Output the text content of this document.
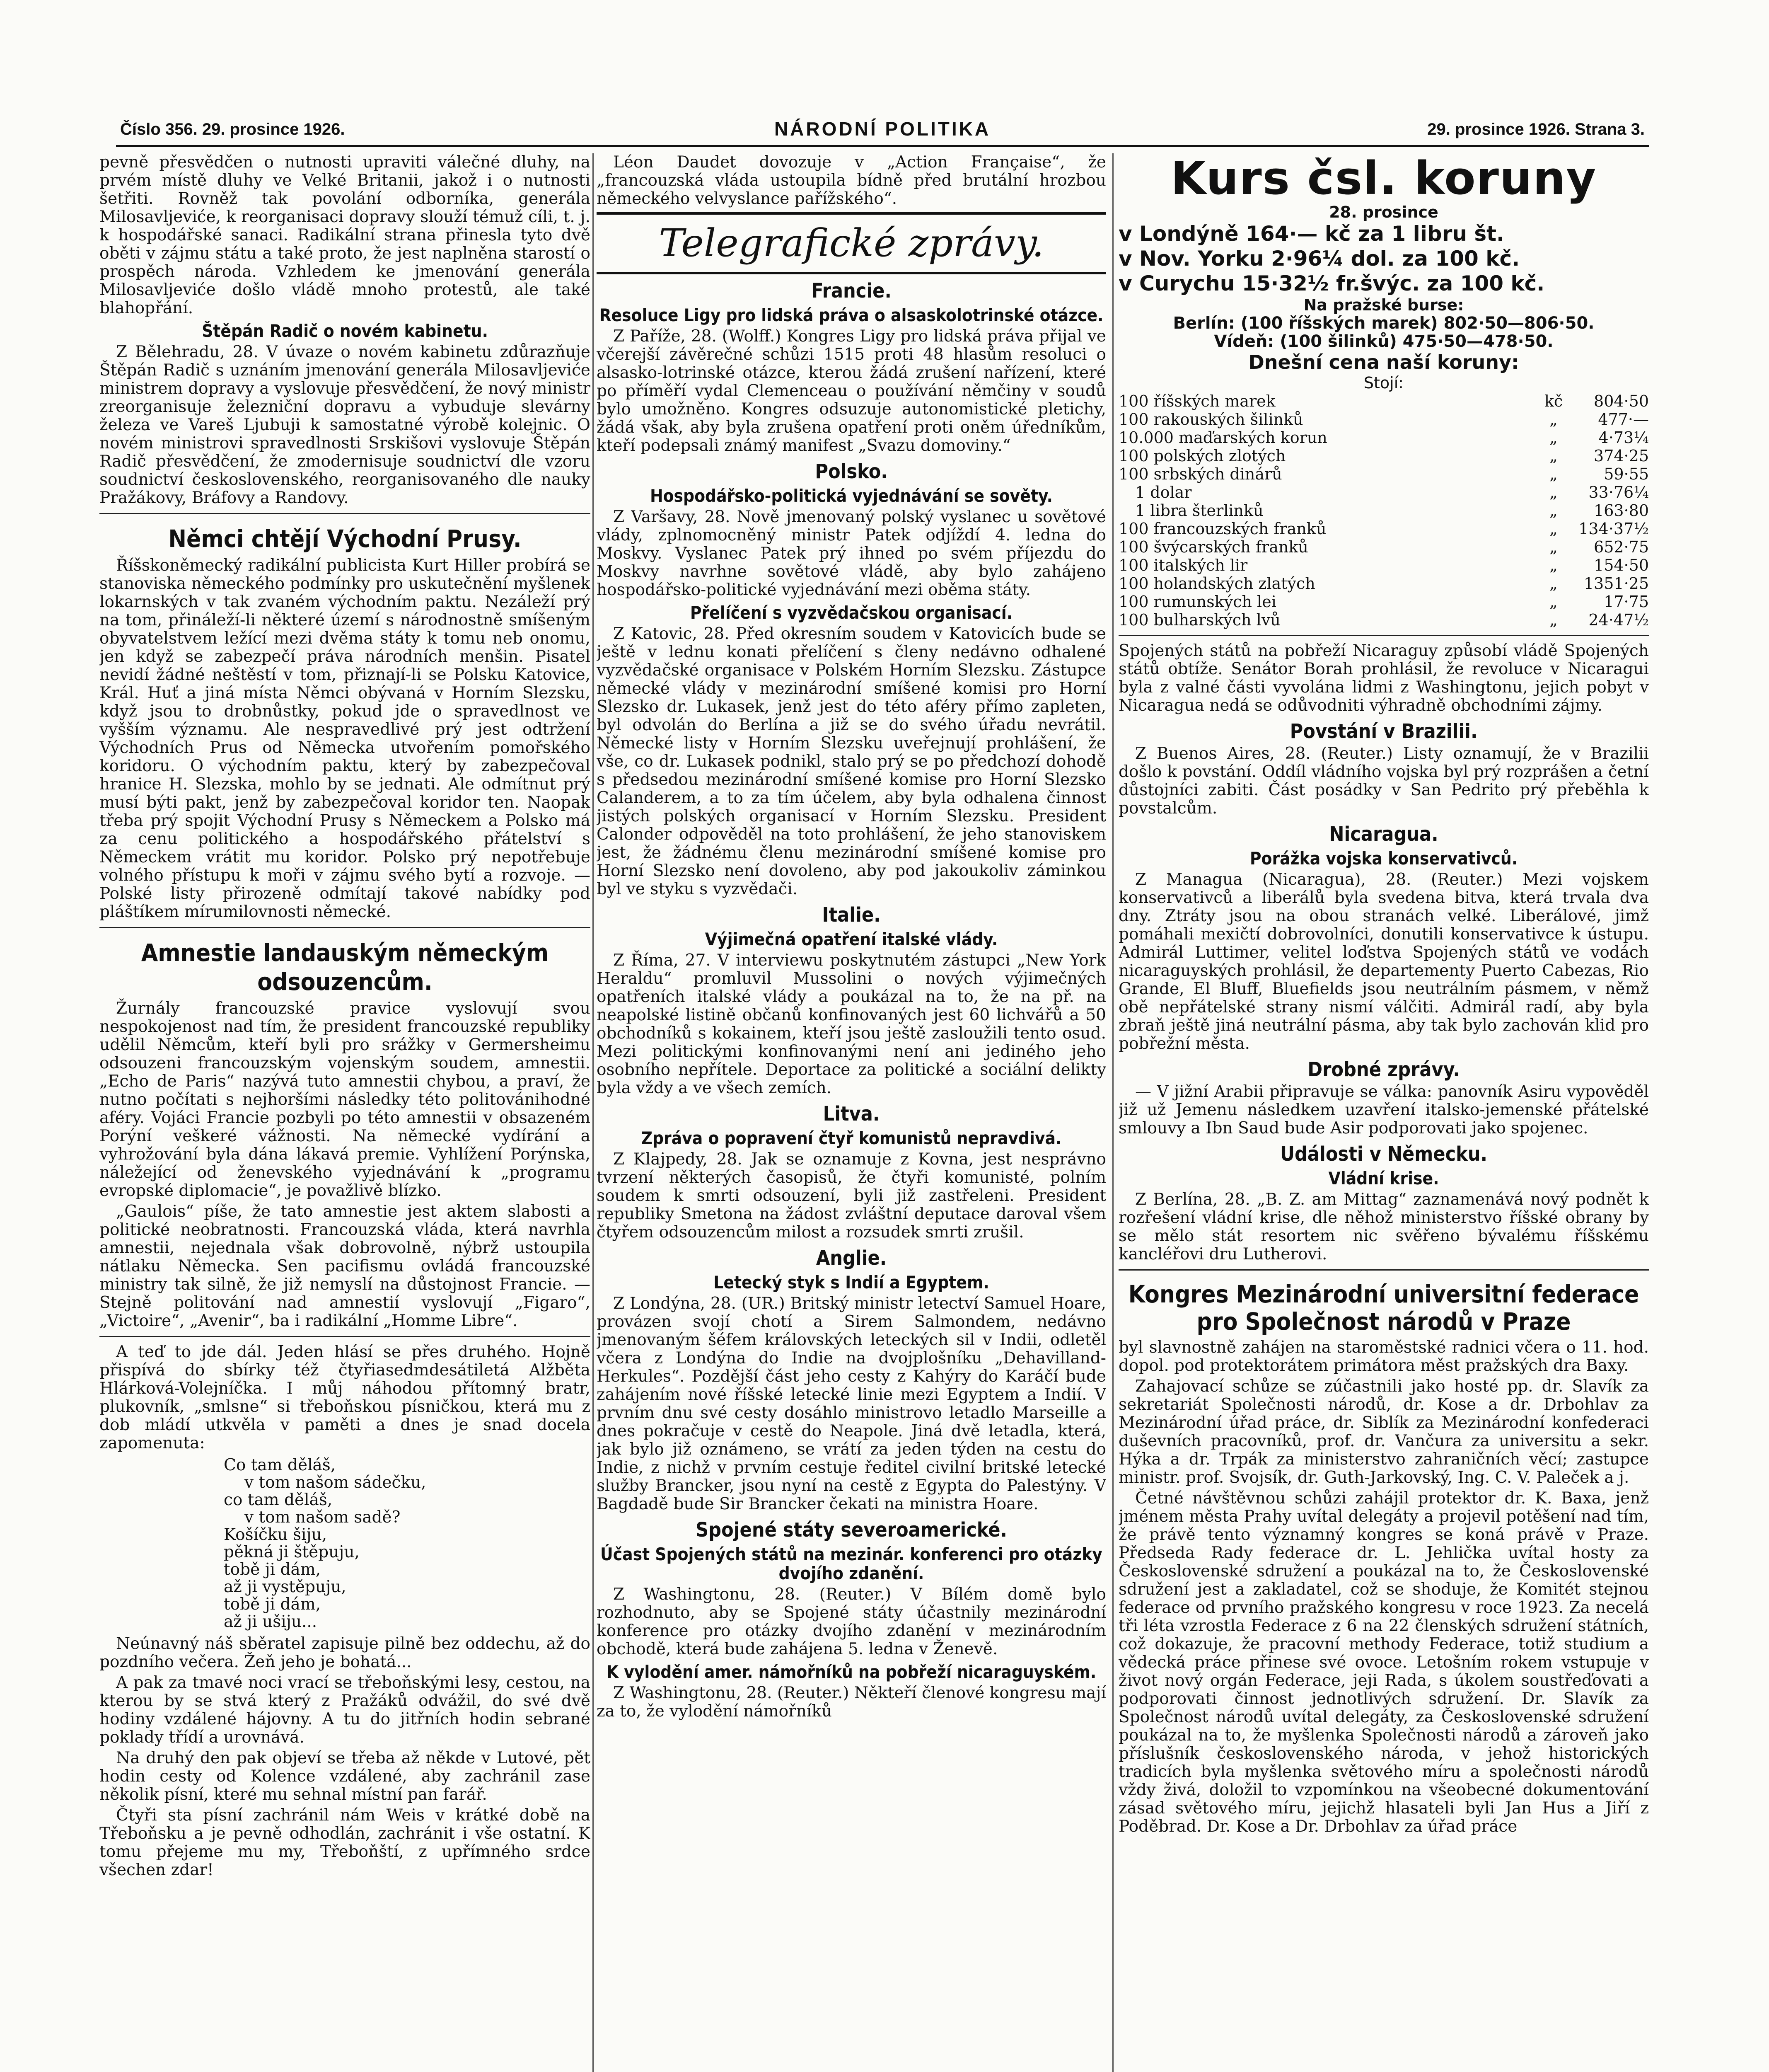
Číslo 356. 29. prosince 1926.	NÁRODNÍ POLITIKA	29. prosince 1926. Strana 3.

pevně přesvědčen o nutnosti upraviti válečné dluhy, na prvém místě dluhy ve Velké Britanii, jakož i o nutnosti šetřiti. Rovněž tak povolání odborníka, generála Milosavljeviće, k reorganisaci dopravy slouží témuž cíli, t. j. k hospodářské sanaci. Radikální strana přinesla tyto dvě oběti v zájmu státu a také proto, že jest naplněna starostí o prospěch národa. Vzhledem ke jmenování generála Milosavljeviće došlo vládě mnoho protestů, ale také blahopřání.

Štěpán Radič o novém kabinetu.

Z Bělehradu, 28. V úvaze o novém kabinetu zdůrazňuje Štěpán Radič s uznáním jmenování generála Milosavljeviće ministrem dopravy a vyslovuje přesvědčení, že nový ministr zreorganisuje železniční dopravu a vybuduje slevárny železa ve Vareš Ljubuji k samostatné výrobě kolejnic. O novém ministrovi spravedlnosti Srskišovi vyslovuje Štěpán Radič přesvědčení, že zmodernisuje soudnictví dle vzoru soudnictví československého, reorganisovaného dle nauky Pražákovy, Bráfovy a Randovy.

Němci chtějí Východní Prusy.

Říšskoněmecký radikální publicista Kurt Hiller probírá se stanoviska německého podmínky pro uskutečnění myšlenek lokarnských v tak zvaném východním paktu. Nezáleží prý na tom, přináleží-li některé území s národnostně smíšeným obyvatelstvem ležící mezi dvěma státy k tomu neb onomu, jen když se zabezpečí práva národních menšin. Pisatel nevidí žádné neštěstí v tom, přiznají-li se Polsku Katovice, Král. Huť a jiná místa Němci obývaná v Horním Slezsku, když jsou to drobnůstky, pokud jde o spravedlnost ve vyšším významu. Ale nespravedlivé prý jest odtržení Východních Prus od Německa utvořením pomořského koridoru. O východním paktu, který by zabezpečoval hranice H. Slezska, mohlo by se jednati. Ale odmítnut prý musí býti pakt, jenž by zabezpečoval koridor ten. Naopak třeba prý spojit Východní Prusy s Německem a Polsko má za cenu politického a hospodářského přátelství s Německem vrátit mu koridor. Polsko prý nepotřebuje volného přístupu k moři v zájmu svého bytí a rozvoje. — Polské listy přirozeně odmítají takové nabídky pod pláštíkem mírumilovnosti německé.

Amnestie landauským německým odsouzencům.

Žurnály francouzské pravice vyslovují svou nespokojenost nad tím, že president francouzské republiky udělil Němcům, kteří byli pro srážky v Germersheimu odsouzeni francouzským vojenským soudem, amnestii. „Echo de Paris“ nazývá tuto amnestii chybou, a praví, že nutno počítati s nejhoršími následky této politovánihodné aféry. Vojáci Francie pozbyli po této amnestii v obsazeném Porýní veškeré vážnosti. Na německé vydírání a vyhrožování byla dána lákavá premie. Vyhlížení Porýnska, náležející od ženevského vyjednávání k „programu evropské diplomacie“, je považlivě blízko.

„Gaulois“ píše, že tato amnestie jest aktem slabosti a politické neobratnosti. Francouzská vláda, která navrhla amnestii, nejednala však dobrovolně, nýbrž ustoupila nátlaku Německa. Sen pacifismu ovládá francouzské ministry tak silně, že již nemyslí na důstojnost Francie. — Stejně politování nad amnestií vyslovují „Figaro“, „Victoire“, „Avenir“, ba i radikální „Homme Libre“.

A teď to jde dál. Jeden hlásí se přes druhého. Hojně přispívá do sbírky též čtyřiasedmdesátiletá Alžběta Hlárková-Volejníčka. I můj náhodou přítomný bratr, plukovník, „smlsne“ si třeboňskou písničkou, která mu z dob mládí utkvěla v paměti a dnes je snad docela zapomenuta:

Co tam děláš,
v tom našom sádečku,
co tam děláš,
v tom našom sadě?
Košíčku šiju,
pěkná ji štěpuju,
tobě ji dám,
až ji vystěpuju,
tobě ji dám,
až ji ušiju...

Neúnavný náš sběratel zapisuje pilně bez oddechu, až do pozdního večera. Žeň jeho je bohatá...

A pak za tmavé noci vrací se třeboňskými lesy, cestou, na kterou by se stvá který z Pražáků odvážil, do své dvě hodiny vzdálené hájovny. A tu do jitřních hodin sebrané poklady třídí a urovnává.

Na druhý den pak objeví se třeba až někde v Lutové, pět hodin cesty od Kolence vzdálené, aby zachránil zase několik písní, které mu sehnal místní pan farář.

Čtyři sta písní zachránil nám Weis v krátké době na Třeboňsku a je pevně odhodlán, zachránit i vše ostatní. K tomu přejeme mu my, Třeboňští, z upřímného srdce všechen zdar!

Léon Daudet dovozuje v „Action Française“, že „francouzská vláda ustoupila bídně před brutální hrozbou německého velvyslance pařížského“.

Telegrafické zprávy.
Francie.
Resoluce Ligy pro lidská práva o alsaskolotrinské otázce.

Z Paříže, 28. (Wolff.) Kongres Ligy pro lidská práva přijal ve včerejší závěrečné schůzi 1515 proti 48 hlasům resoluci o alsasko-lotrinské otázce, kterou žádá zrušení nařízení, které po příměří vydal Clemenceau o používání němčiny v soudů bylo umožněno. Kongres odsuzuje autonomistické pletichy, žádá však, aby byla zrušena opatření proti oněm úředníkům, kteří podepsali známý manifest „Svazu domoviny.“

Polsko.
Hospodářsko-politická vyjednávání se sověty.

Z Varšavy, 28. Nově jmenovaný polský vyslanec u sovětové vlády, zplnomocněný ministr Patek odjíždí 4. ledna do Moskvy. Vyslanec Patek prý ihned po svém příjezdu do Moskvy navrhne sovětové vládě, aby bylo zahájeno hospodářsko-politické vyjednávání mezi oběma státy.

Přelíčení s vyzvědačskou organisací.

Z Katovic, 28. Před okresním soudem v Katovicích bude se ještě v lednu konati přelíčení s členy nedávno odhalené vyzvědačské organisace v Polském Horním Slezsku. Zástupce německé vlády v mezinárodní smíšené komisi pro Horní Slezsko dr. Lukasek, jenž jest do této aféry přímo zapleten, byl odvolán do Berlína a již se do svého úřadu nevrátil. Německé listy v Horním Slezsku uveřejnují prohlášení, že vše, co dr. Lukasek podnikl, stalo prý se po předchozí dohodě s předsedou mezinárodní smíšené komise pro Horní Slezsko Calanderem, a to za tím účelem, aby byla odhalena činnost jistých polských organisací v Horním Slezsku. President Calonder odpověděl na toto prohlášení, že jeho stanoviskem jest, že žádnému členu mezinárodní smíšené komise pro Horní Slezsko není dovoleno, aby pod jakoukoliv záminkou byl ve styku s vyzvědači.

Italie.
Výjimečná opatření italské vlády.

Z Říma, 27. V interviewu poskytnutém zástupci „New York Heraldu“ promluvil Mussolini o nových výjimečných opatřeních italské vlády a poukázal na to, že na př. na neapolské listině občanů konfinovaných jest 60 lichvářů a 50 obchodníků s kokainem, kteří jsou ještě zasloužili tento osud. Mezi politickými konfinovanými není ani jediného jeho osobního nepřítele. Deportace za politické a sociální delikty byla vždy a ve všech zemích.

Litva.
Zpráva o popravení čtyř komunistů nepravdivá.

Z Klajpedy, 28. Jak se oznamuje z Kovna, jest nesprávno tvrzení některých časopisů, že čtyři komunisté, polním soudem k smrti odsouzení, byli již zastřeleni. President republiky Smetona na žádost zvláštní deputace daroval všem čtyřem odsouzencům milost a rozsudek smrti zrušil.

Anglie.
Letecký styk s Indií a Egyptem.

Z Londýna, 28. (UR.) Britský ministr letectví Samuel Hoare, provázen svojí chotí a Sirem Salmondem, nedávno jmenovaným šéfem královských leteckých sil v Indii, odletěl včera z Londýna do Indie na dvojplošníku „Dehavilland-Herkules“. Pozdější část jeho cesty z Kahýry do Karáčí bude zahájením nové říšské letecké linie mezi Egyptem a Indií. V prvním dnu své cesty dosáhlo ministrovo letadlo Marseille a dnes pokračuje v cestě do Neapole. Jiná dvě letadla, která, jak bylo již oznámeno, se vrátí za jeden týden na cestu do Indie, z nichž v prvním cestuje ředitel civilní britské letecké služby Brancker, jsou nyní na cestě z Egypta do Palestýny. V Bagdadě bude Sir Brancker čekati na ministra Hoare.

Spojené státy severoamerické.
Účast Spojených států na mezinár. konferenci pro otázky dvojího zdanění.

Z Washingtonu, 28. (Reuter.) V Bílém domě bylo rozhodnuto, aby se Spojené státy účastnily mezinárodní konference pro otázky dvojího zdanění v mezinárodním obchodě, která bude zahájena 5. ledna v Ženevě.

K vylodění amer. námořníků na pobřeží nicaraguyském.

Z Washingtonu, 28. (Reuter.) Někteří členové kongresu mají za to, že vylodění námořníků

Kurs čsl. koruny
28. prosince
v Londýně 164·— kč za 1 libru št.
v Nov. Yorku 2·96¼ dol. za 100 kč.
v Curychu 15·32½ fr.švýc. za 100 kč.
Na pražské burse:
Berlín: (100 říšských marek) 802·50—806·50.
Vídeň: (100 šilinků) 475·50—478·50.
Dnešní cena naší koruny:
Stojí:
100 říšských marek	kč	804·50
100 rakouských šilinků	„	477·—
10.000 maďarských korun	„	4·73¼
100 polských zlotých	„	374·25
100 srbských dinárů	„	59·55
1 dolar	„	33·76¼
1 libra šterlinků	„	163·80
100 francouzských franků	„	134·37½
100 švýcarských franků	„	652·75
100 italských lir	„	154·50
100 holandských zlatých	„	1351·25
100 rumunských lei	„	17·75
100 bulharských lvů	„	24·47½

Spojených států na pobřeží Nicaraguy způsobí vládě Spojených států obtíže. Senátor Borah prohlásil, že revoluce v Nicaragui byla z valné části vyvolána lidmi z Washingtonu, jejich pobyt v Nicaragua nedá se odůvodniti výhradně obchodními zájmy.

Povstání v Brazilii.

Z Buenos Aires, 28. (Reuter.) Listy oznamují, že v Brazilii došlo k povstání. Oddíl vládního vojska byl prý rozprášen a četní důstojníci zabiti. Část posádky v San Pedrito prý přeběhla k povstalcům.

Nicaragua.
Porážka vojska konservativců.

Z Managua (Nicaragua), 28. (Reuter.) Mezi vojskem konservativců a liberálů byla svedena bitva, která trvala dva dny. Ztráty jsou na obou stranách velké. Liberálové, jimž pomáhali mexičtí dobrovolníci, donutili konservativce k ústupu. Admirál Luttimer, velitel loďstva Spojených států ve vodách nicaraguyských prohlásil, že departementy Puerto Cabezas, Rio Grande, El Bluff, Bluefields jsou neutrálním pásmem, v němž obě nepřátelské strany nismí válčiti. Admirál radí, aby byla zbraň ještě jiná neutrální pásma, aby tak bylo zachován klid pro pobřežní města.

Drobné zprávy.

— V jižní Arabii připravuje se válka: panovník Asiru vypověděl již už Jemenu následkem uzavření italsko-jemenské přátelské smlouvy a Ibn Saud bude Asir podporovati jako spojenec.

Události v Německu.
Vládní krise.

Z Berlína, 28. „B. Z. am Mittag“ zaznamenává nový podnět k rozřešení vládní krise, dle něhož ministerstvo říšské obrany by se mělo stát resortem nic svěřeno bývalému říšskému kancléřovi dru Lutherovi.

Kongres Mezinárodní universitní federace pro Společnost národů v Praze

byl slavnostně zahájen na staroměstské radnici včera o 11. hod. dopol. pod protektorátem primátora měst pražských dra Baxy.

Zahajovací schůze se zúčastnili jako hosté pp. dr. Slavík za sekretariát Společnosti národů, dr. Kose a dr. Drbohlav za Mezinárodní úřad práce, dr. Siblík za Mezinárodní konfederaci duševních pracovníků, prof. dr. Vančura za universitu a sekr. Hýka a dr. Trpák za ministerstvo zahraničních věcí; zastupce ministr. prof. Svojsík, dr. Guth-Jarkovský, Ing. C. V. Paleček a j.

Četné návštěvnou schůzi zahájil protektor dr. K. Baxa, jenž jménem města Prahy uvítal delegáty a projevil potěšení nad tím, že právě tento významný kongres se koná právě v Praze. Předseda Rady federace dr. L. Jehlička uvítal hosty za Československé sdružení a poukázal na to, že Československé sdružení jest a zakladatel, což se shoduje, že Komitét stejnou federace od prvního pražského kongresu v roce 1923. Za necelá tři léta vzrostla Federace z 6 na 22 členských sdružení státních, což dokazuje, že pracovní methody Federace, totiž studium a vědecká práce přinese své ovoce. Letošním rokem vstupuje v život nový orgán Federace, jeji Rada, s úkolem soustřeďovati a podporovati činnost jednotlivých sdružení. Dr. Slavík za Společnost národů uvítal delegáty, za Československé sdružení poukázal na to, že myšlenka Společnosti národů a zároveň jako příslušník československého národa, v jehož historických tradicích byla myšlenka světového míru a společnosti národů vždy živá, doložil to vzpomínkou na všeobecné dokumentování zásad světového míru, jejichž hlasateli byli Jan Hus a Jiří z Poděbrad. Dr. Kose a Dr. Drbohlav za úřad práce
